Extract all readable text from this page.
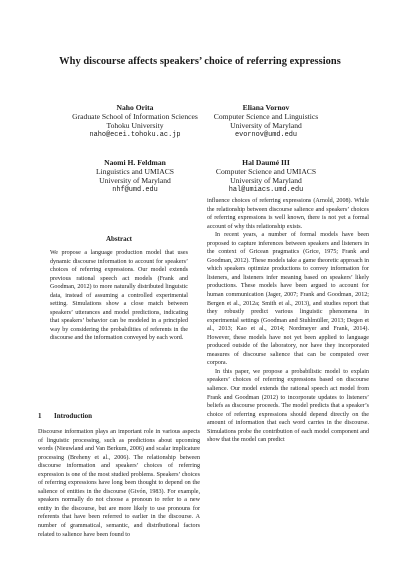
Why discourse affects speakers’ choice of referring expressions
Naho Orita
Graduate School of Information Sciences
Tohoku University
naho@ecei.tohoku.ac.jp
Eliana Vornov
Computer Science and Linguistics
University of Maryland
evornov@umd.edu
Naomi H. Feldman
Linguistics and UMIACS
University of Maryland
nhf@umd.edu
Hal Daumé III
Computer Science and UMIACS
University of Maryland
hal@umiacs.umd.edu
Abstract
We propose a language production model that uses dynamic discourse information to account for speakers’ choices of referring expressions. Our model extends previous rational speech act models (Frank and Goodman, 2012) to more naturally distributed linguistic data, instead of assuming a controlled experimental setting. Simulations show a close match between speakers’ utterances and model predictions, indicating that speakers’ behavior can be modeled in a principled way by considering the probabilities of referents in the discourse and the information conveyed by each word.
1 Introduction
Discourse information plays an important role in various aspects of linguistic processing, such as predictions about upcoming words (Nieuwland and Van Berkum, 2006) and scalar implicature processing (Breheny et al., 2006). The relationship between discourse information and speakers’ choices of referring expression is one of the most studied problems. Speakers’ choices of referring expressions have long been thought to depend on the salience of entities in the discourse (Givón, 1983). For example, speakers normally do not choose a pronoun to refer to a new entity in the discourse, but are more likely to use pronouns for referents that have been referred to earlier in the discourse. A number of grammatical, semantic, and distributional factors related to salience have been found to

influence choices of referring expressions (Arnold, 2008). While the relationship between discourse salience and speakers’ choices of referring expressions is well known, there is not yet a formal account of why this relationship exists.

In recent years, a number of formal models have been proposed to capture inferences between speakers and listeners in the context of Gricean pragmatics (Grice, 1975; Frank and Goodman, 2012). These models take a game theoretic approach in which speakers optimize productions to convey information for listeners, and listeners infer meaning based on speakers’ likely productions. These models have been argued to account for human communication (Jager, 2007; Frank and Goodman, 2012; Bergen et al., 2012a; Smith et al., 2013), and studies report that they robustly predict various linguistic phenomena in experimental settings (Goodman and Stuhlmüller, 2013; Degen et al., 2013; Kao et al., 2014; Nordmeyer and Frank, 2014). However, these models have not yet been applied to language produced outside of the laboratory, nor have they incorporated measures of discourse salience that can be computed over corpora.

In this paper, we propose a probabilistic model to explain speakers’ choices of referring expressions based on discourse salience. Our model extends the rational speech act model from Frank and Goodman (2012) to incorporate updates to listeners’ beliefs as discourse proceeds. The model predicts that a speaker’s choice of referring expressions should depend directly on the amount of information that each word carries in the discourse. Simulations probe the contribution of each model component and show that the model can predict
